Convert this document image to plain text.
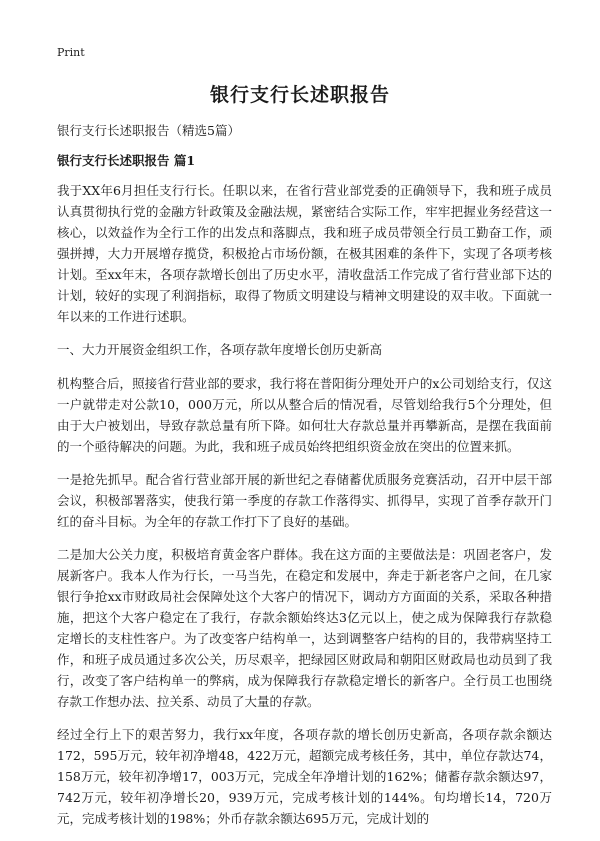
Print
银行支行长述职报告

银行支行长述职报告（精选5篇）

银行支行长述职报告 篇1

我于XX年6月担任支行行长。任职以来，在省行营业部党委的正确领导下，我和班子成员认真贯彻执行党的金融方针政策及金融法规，紧密结合实际工作，牢牢把握业务经营这一核心，以效益作为全行工作的出发点和落脚点，我和班子成员带领全行员工勤奋工作，顽强拼搏，大力开展增存揽贷，积极抢占市场份额，在极其困难的条件下，实现了各项考核计划。至xx年末，各项存款增长创出了历史水平，清收盘活工作完成了省行营业部下达的计划，较好的实现了利润指标，取得了物质文明建设与精神文明建设的双丰收。下面就一年以来的工作进行述职。

一、大力开展资金组织工作，各项存款年度增长创历史新高

机构整合后，照接省行营业部的要求，我行将在普阳街分理处开户的x公司划给支行，仅这一户就带走对公款10，000万元，所以从整合后的情况看，尽管划给我行5个分理处，但由于大户被划出，导致存款总量有所下降。如何壮大存款总量并再攀新高，是摆在我面前的一个亟待解决的问题。为此，我和班子成员始终把组织资金放在突出的位置来抓。

一是抢先抓早。配合省行营业部开展的新世纪之春储蓄优质服务竞赛活动，召开中层干部会议，积极部署落实，使我行第一季度的存款工作落得实、抓得早，实现了首季存款开门红的奋斗目标。为全年的存款工作打下了良好的基础。

二是加大公关力度，积极培育黄金客户群体。我在这方面的主要做法是：巩固老客户，发展新客户。我本人作为行长，一马当先，在稳定和发展中，奔走于新老客户之间，在几家银行争抢xx市财政局社会保障处这个大客户的情况下，调动方方面面的关系，采取各种措施，把这个大客户稳定在了我行，存款余额始终达3亿元以上，使之成为保障我行存款稳定增长的支柱性客户。为了改变客户结构单一，达到调整客户结构的目的，我带病坚持工作，和班子成员通过多次公关，历尽艰辛，把绿园区财政局和朝阳区财政局也动员到了我行，改变了客户结构单一的弊病，成为保障我行存款稳定增长的新客户。全行员工也围绕存款工作想办法、拉关系、动员了大量的存款。

经过全行上下的艰苦努力，我行xx年度，各项存款的增长创历史新高，各项存款余额达172，595万元，较年初净增48，422万元，超额完成考核任务，其中，单位存款达74，158万元，较年初净增17，003万元，完成全年净增计划的162%；储蓄存款余额达97，742万元，较年初净增长20，939万元，完成考核计划的144%。旬均增长14，720万元，完成考核计划的198%；外币存款余额达695万元，完成计划的
